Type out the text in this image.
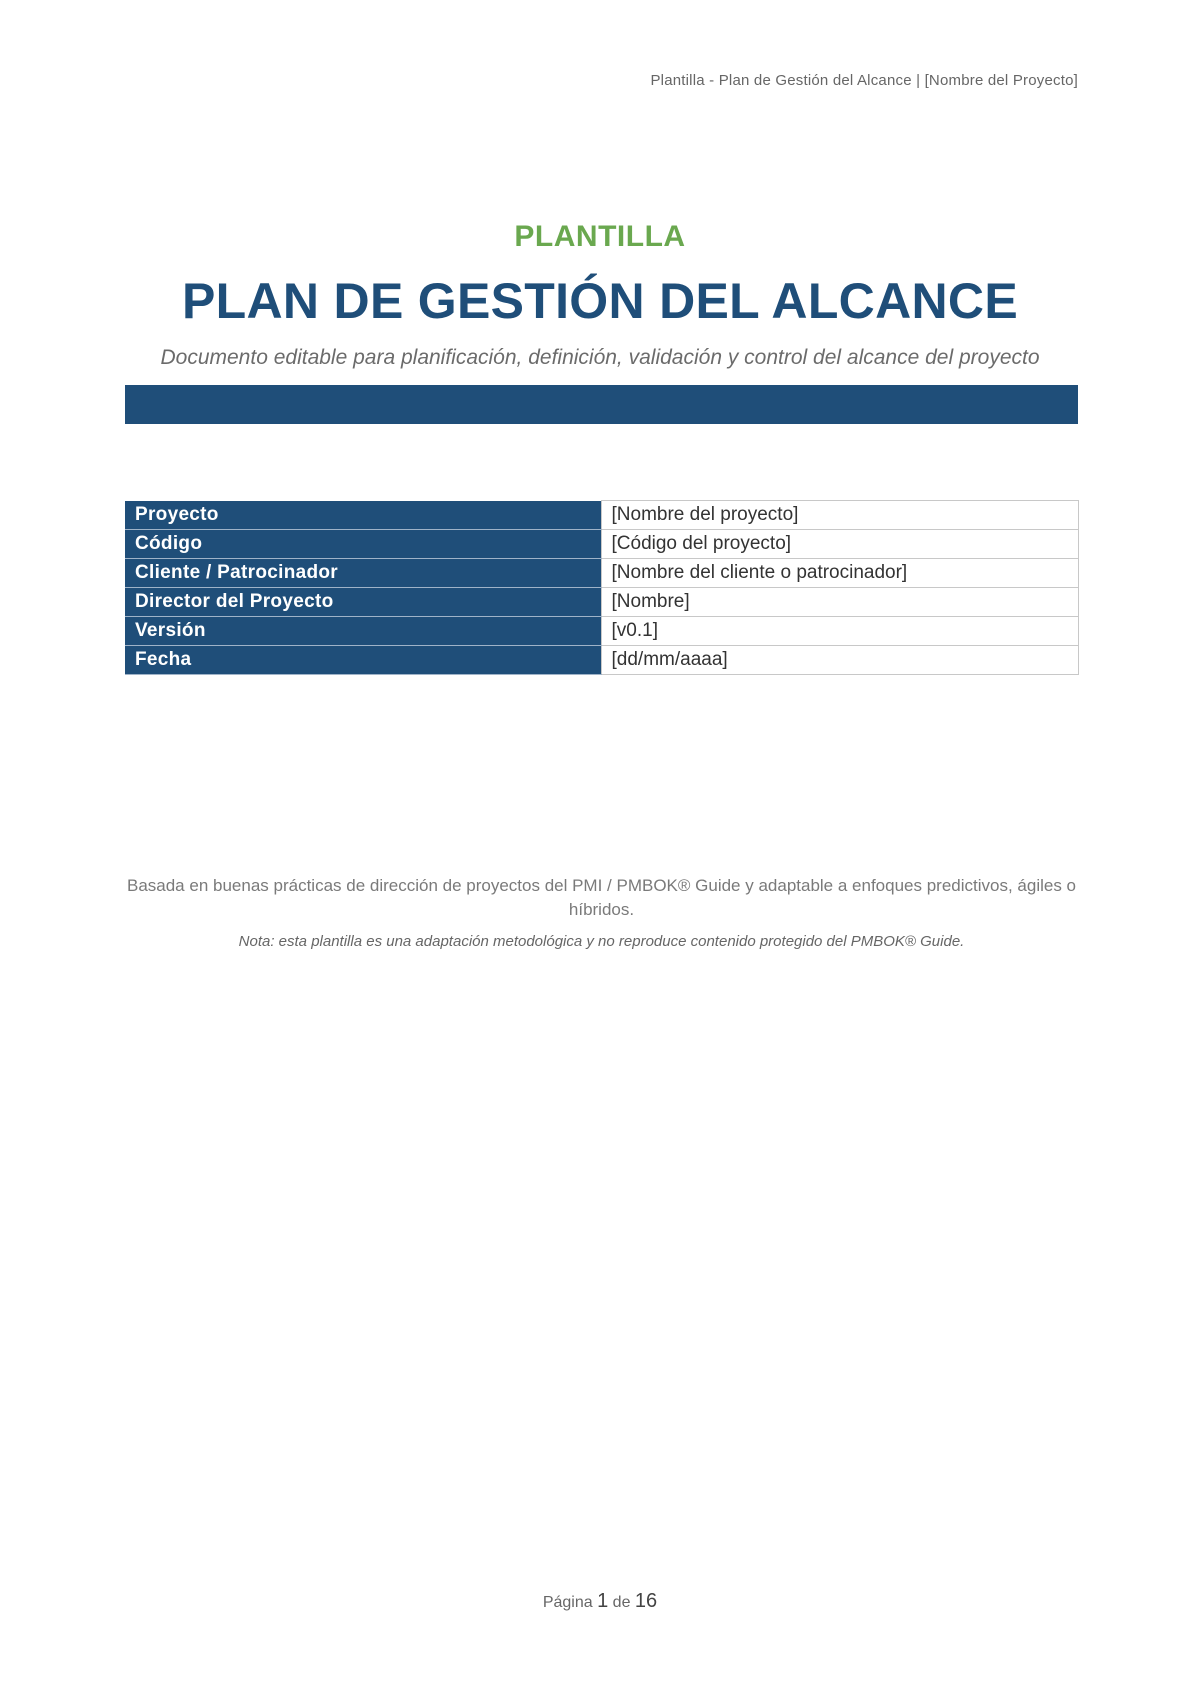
Plantilla - Plan de Gestión del Alcance | [Nombre del Proyecto]
PLANTILLA
PLAN DE GESTIÓN DEL ALCANCE
Documento editable para planificación, definición, validación y control del alcance del proyecto
Proyecto	[Nombre del proyecto]
Código	[Código del proyecto]
Cliente / Patrocinador	[Nombre del cliente o patrocinador]
Director del Proyecto	[Nombre]
Versión	[v0.1]
Fecha	[dd/mm/aaaa]
Basada en buenas prácticas de dirección de proyectos del PMI / PMBOK® Guide y adaptable a enfoques predictivos, ágiles o híbridos.
Nota: esta plantilla es una adaptación metodológica y no reproduce contenido protegido del PMBOK® Guide.
Página 1 de 16
